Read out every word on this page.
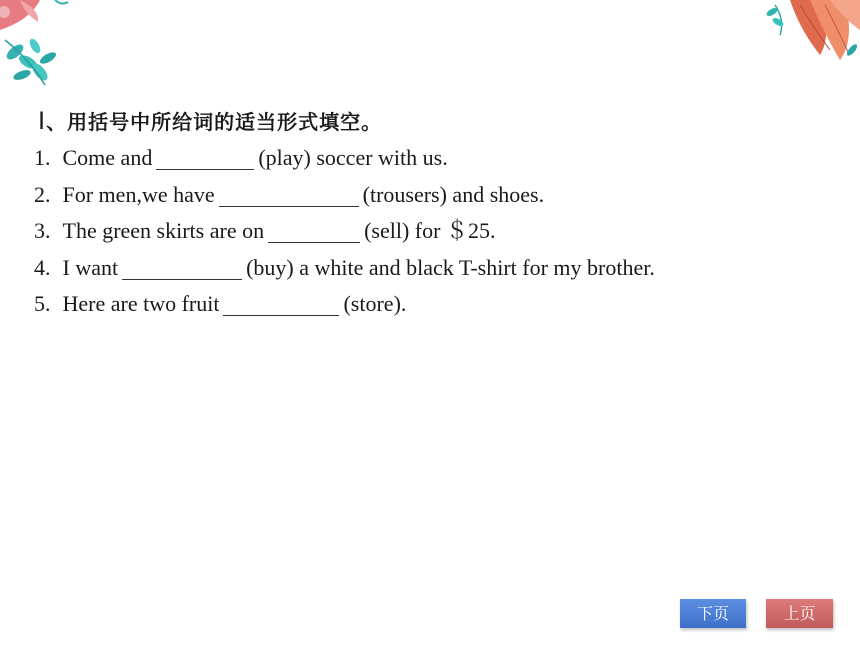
Ⅰ、用括号中所给词的适当形式填空。
1. Come and	(play) soccer with us.
2. For men,we have	(trousers) and shoes.
3. The green skirts are on	(sell) for ＄25.
4. I want	(buy) a white and black T-shirt for my brother.
5. Here are two fruit	(store).
下页	上页
